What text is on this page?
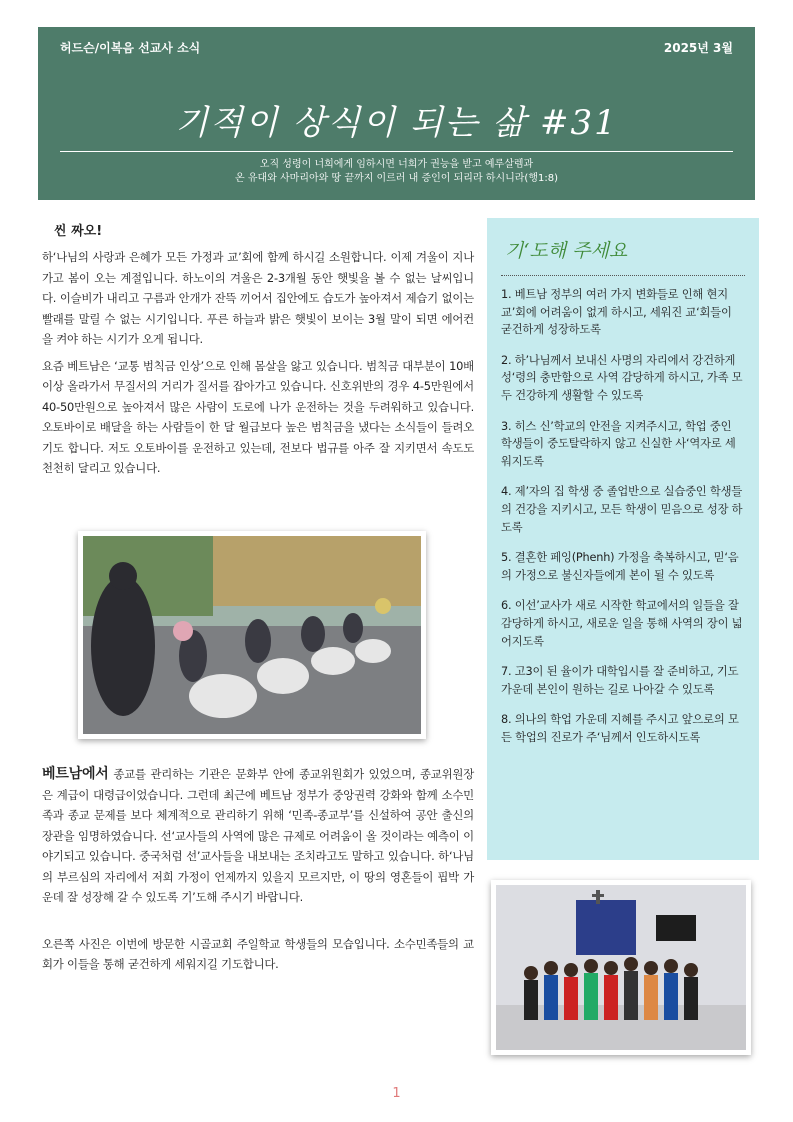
허드슨/이복음 선교사 소식	2025년 3월
기적이 상식이 되는 삶 #31
오직 성령이 너희에게 임하시면 너희가 권능을 받고 예루살렘과
온 유대와 사마리아와 땅 끝까지 이르러 내 증인이 되리라 하시니라(행1:8)
씬 짜오!

하‘나님의 사랑과 은혜가 모든 가정과 교’회에 함께 하시길 소원합니다. 이제 겨울이 지나가고 봄이 오는 계절입니다. 하노이의 겨울은 2-3개월 동안 햇빛을 볼 수 없는 날씨입니다. 이슬비가 내리고 구름과 안개가 잔뜩 끼어서 집안에도 습도가 높아져서 제습기 없이는 빨래를 말릴 수 없는 시기입니다. 푸른 하늘과 밝은 햇빛이 보이는 3월 말이 되면 에어컨을 켜야 하는 시기가 오게 됩니다.

요즘 베트남은 ‘교통 범칙금 인상’으로 인해 몸살을 앓고 있습니다. 범칙금 대부분이 10배 이상 올라가서 무질서의 거리가 질서를 잡아가고 있습니다. 신호위반의 경우 4-5만원에서 40-50만원으로 높아져서 많은 사람이 도로에 나가 운전하는 것을 두려워하고 있습니다. 오토바이로 배달을 하는 사람들이 한 달 월급보다 높은 범칙금을 냈다는 소식들이 들려오기도 합니다. 저도 오토바이를 운전하고 있는데, 전보다 법규를 아주 잘 지키면서 속도도 천천히 달리고 있습니다.

베트남에서 종교를 관리하는 기관은 문화부 안에 종교위원회가 있었으며, 종교위원장은 계급이 대령급이었습니다. 그런데 최근에 베트남 정부가 중앙권력 강화와 함께 소수민족과 종교 문제를 보다 체계적으로 관리하기 위해 ‘민족-종교부’를 신설하여 공안 출신의 장관을 임명하였습니다. 선‘교사들의 사역에 많은 규제로 어려움이 올 것이라는 예측이 이야기되고 있습니다. 중국처럼 선’교사들을 내보내는 조치라고도 말하고 있습니다. 하‘나님의 부르심의 자리에서 저희 가정이 언제까지 있을지 모르지만, 이 땅의 영혼들이 핍박 가운데 잘 성장해 갈 수 있도록 기’도해 주시기 바랍니다.

오른쪽 사진은 이번에 방문한 시골교회 주일학교 학생들의 모습입니다. 소수민족들의 교회가 이들을 통해 굳건하게 세워지길 기도합니다.

기‘도해 주세요
1. 베트남 정부의 여러 가지 변화들로 인해 현지 교’회에 어려움이 없게 하시고, 세워진 교‘회들이 굳건하게 성장하도록
2. 하’나님께서 보내신 사명의 자리에서 강건하게 성‘령의 충만함으로 사역 감당하게 하시고, 가족 모두 건강하게 생활할 수 있도록
3. 히스 신’학교의 안전을 지켜주시고, 학업 중인 학생들이 중도탈락하지 않고 신실한 사‘역자로 세워지도록
4. 제’자의 집 학생 중 졸업반으로 실습중인 학생들의 건강을 지키시고, 모든 학생이 믿음으로 성장 하도록
5. 결혼한 페잉(Phenh) 가정을 축복하시고, 믿‘음의 가정으로 불신자들에게 본이 될 수 있도록
6. 이선’교사가 새로 시작한 학교에서의 일들을 잘 감당하게 하시고, 새로운 일을 통해 사역의 장이 넓어지도록
7. 고3이 된 율이가 대학입시를 잘 준비하고, 기도 가운데 본인이 원하는 길로 나아갈 수 있도록
8. 의나의 학업 가운데 지혜를 주시고 앞으로의 모든 학업의 진로가 주‘님께서 인도하시도록
1
